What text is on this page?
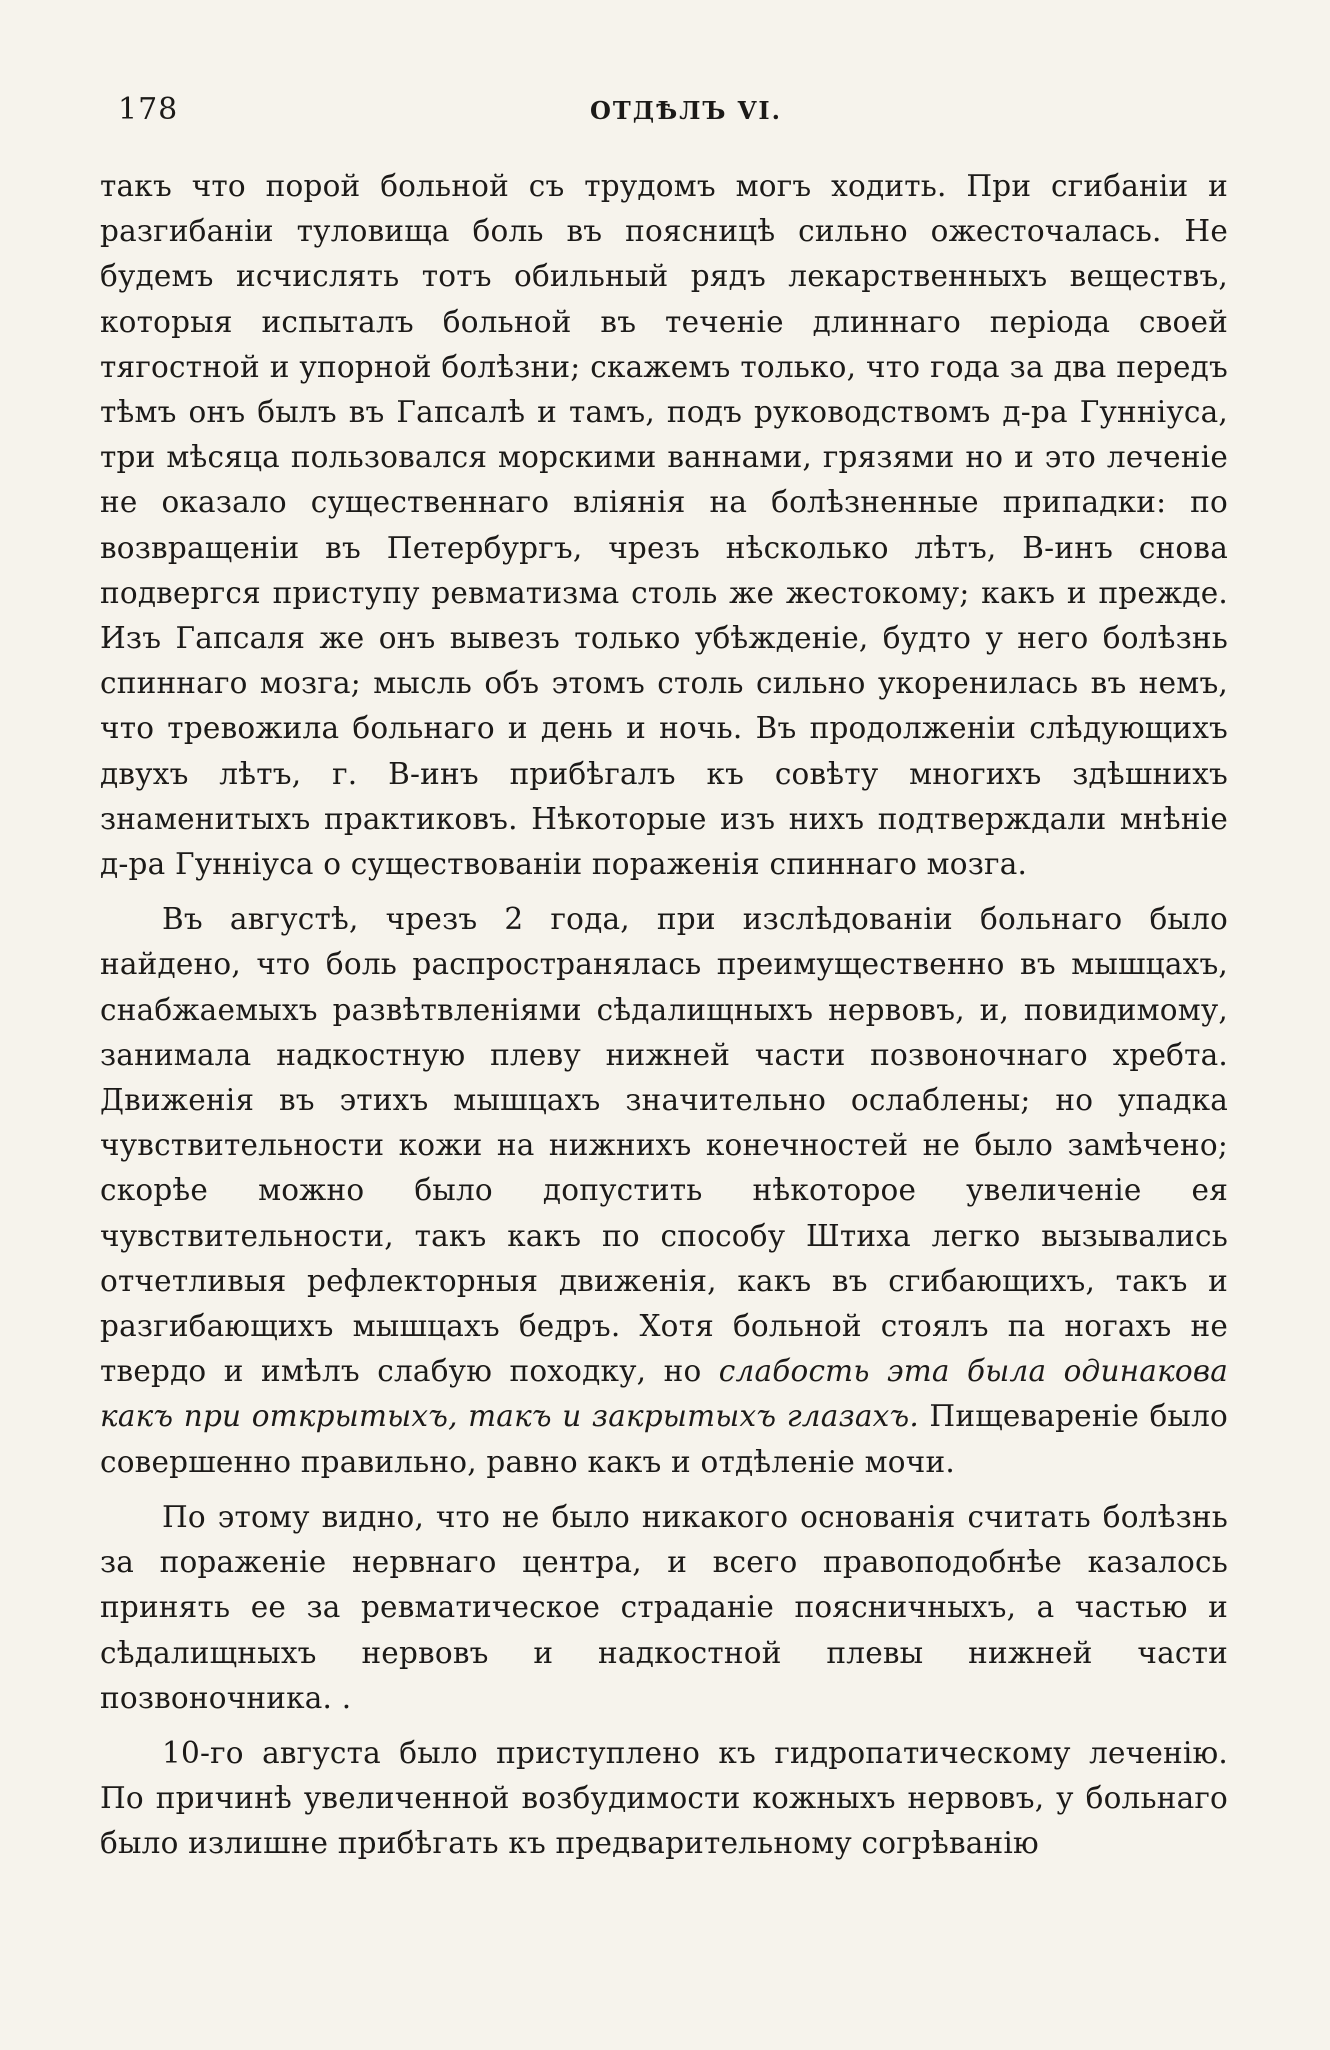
178	ОТДѢЛЪ VI.

такъ что порой больной съ трудомъ могъ ходить. При сгибаніи и разгибаніи туловища боль въ поясницѣ сильно ожесточалась. Не будемъ исчислять тотъ обильный рядъ лекарственныхъ веществъ, которыя испыталъ больной въ теченіе длиннаго періода своей тягостной и упорной болѣзни; скажемъ только, что года за два передъ тѣмъ онъ былъ въ Гапсалѣ и тамъ, подъ руководствомъ д-ра Гунніуса, три мѣсяца пользовался морскими ваннами, грязями но и это леченіе не оказало существеннаго вліянія на болѣзненные припадки: по возвращеніи въ Петербургъ, чрезъ нѣсколько лѣтъ, В-инъ снова подвергся приступу ревматизма столь же жестокому; какъ и прежде. Изъ Гапсаля же онъ вывезъ только убѣжденіе, будто у него болѣзнь спиннаго мозга; мысль объ этомъ столь сильно укоренилась въ немъ, что тревожила больнаго и день и ночь. Въ продолженіи слѣдующихъ двухъ лѣтъ, г. В-инъ прибѣгалъ къ совѣту многихъ здѣшнихъ знаменитыхъ практиковъ. Нѣкоторые изъ нихъ подтверждали мнѣніе д-ра Гунніуса о существованіи пораженія спиннаго мозга.

Въ августѣ, чрезъ 2 года, при изслѣдованіи больнаго было найдено, что боль распространялась преимущественно въ мышцахъ, снабжаемыхъ развѣтвленіями сѣдалищныхъ нервовъ, и, повидимому, занимала надкостную плеву нижней части позвоночнаго хребта. Движенія въ этихъ мышцахъ значительно ослаблены; но упадка чувствительности кожи на нижнихъ конечностей не было замѣчено; скорѣе можно было допустить нѣкоторое увеличеніе ея чувствительности, такъ какъ по способу Штиха легко вызывались отчетливыя рефлекторныя движенія, какъ въ сгибающихъ, такъ и разгибающихъ мышцахъ бедръ. Хотя больной стоялъ па ногахъ не твердо и имѣлъ слабую походку, но слабость эта была одинакова какъ при открытыхъ, такъ и закрытыхъ глазахъ. Пищевареніе было совершенно правильно, равно какъ и отдѣленіе мочи.

По этому видно, что не было никакого основанія считать болѣзнь за пораженіе нервнаго центра, и всего правоподобнѣе казалось принять ее за ревматическое страданіе поясничныхъ, а частью и сѣдалищныхъ нервовъ и надкостной плевы нижней части позвоночника. .

10-го августа было приступлено къ гидропатическому леченію. По причинѣ увеличенной возбудимости кожныхъ нервовъ, у больнаго было излишне прибѣгать къ предварительному согрѣванію
